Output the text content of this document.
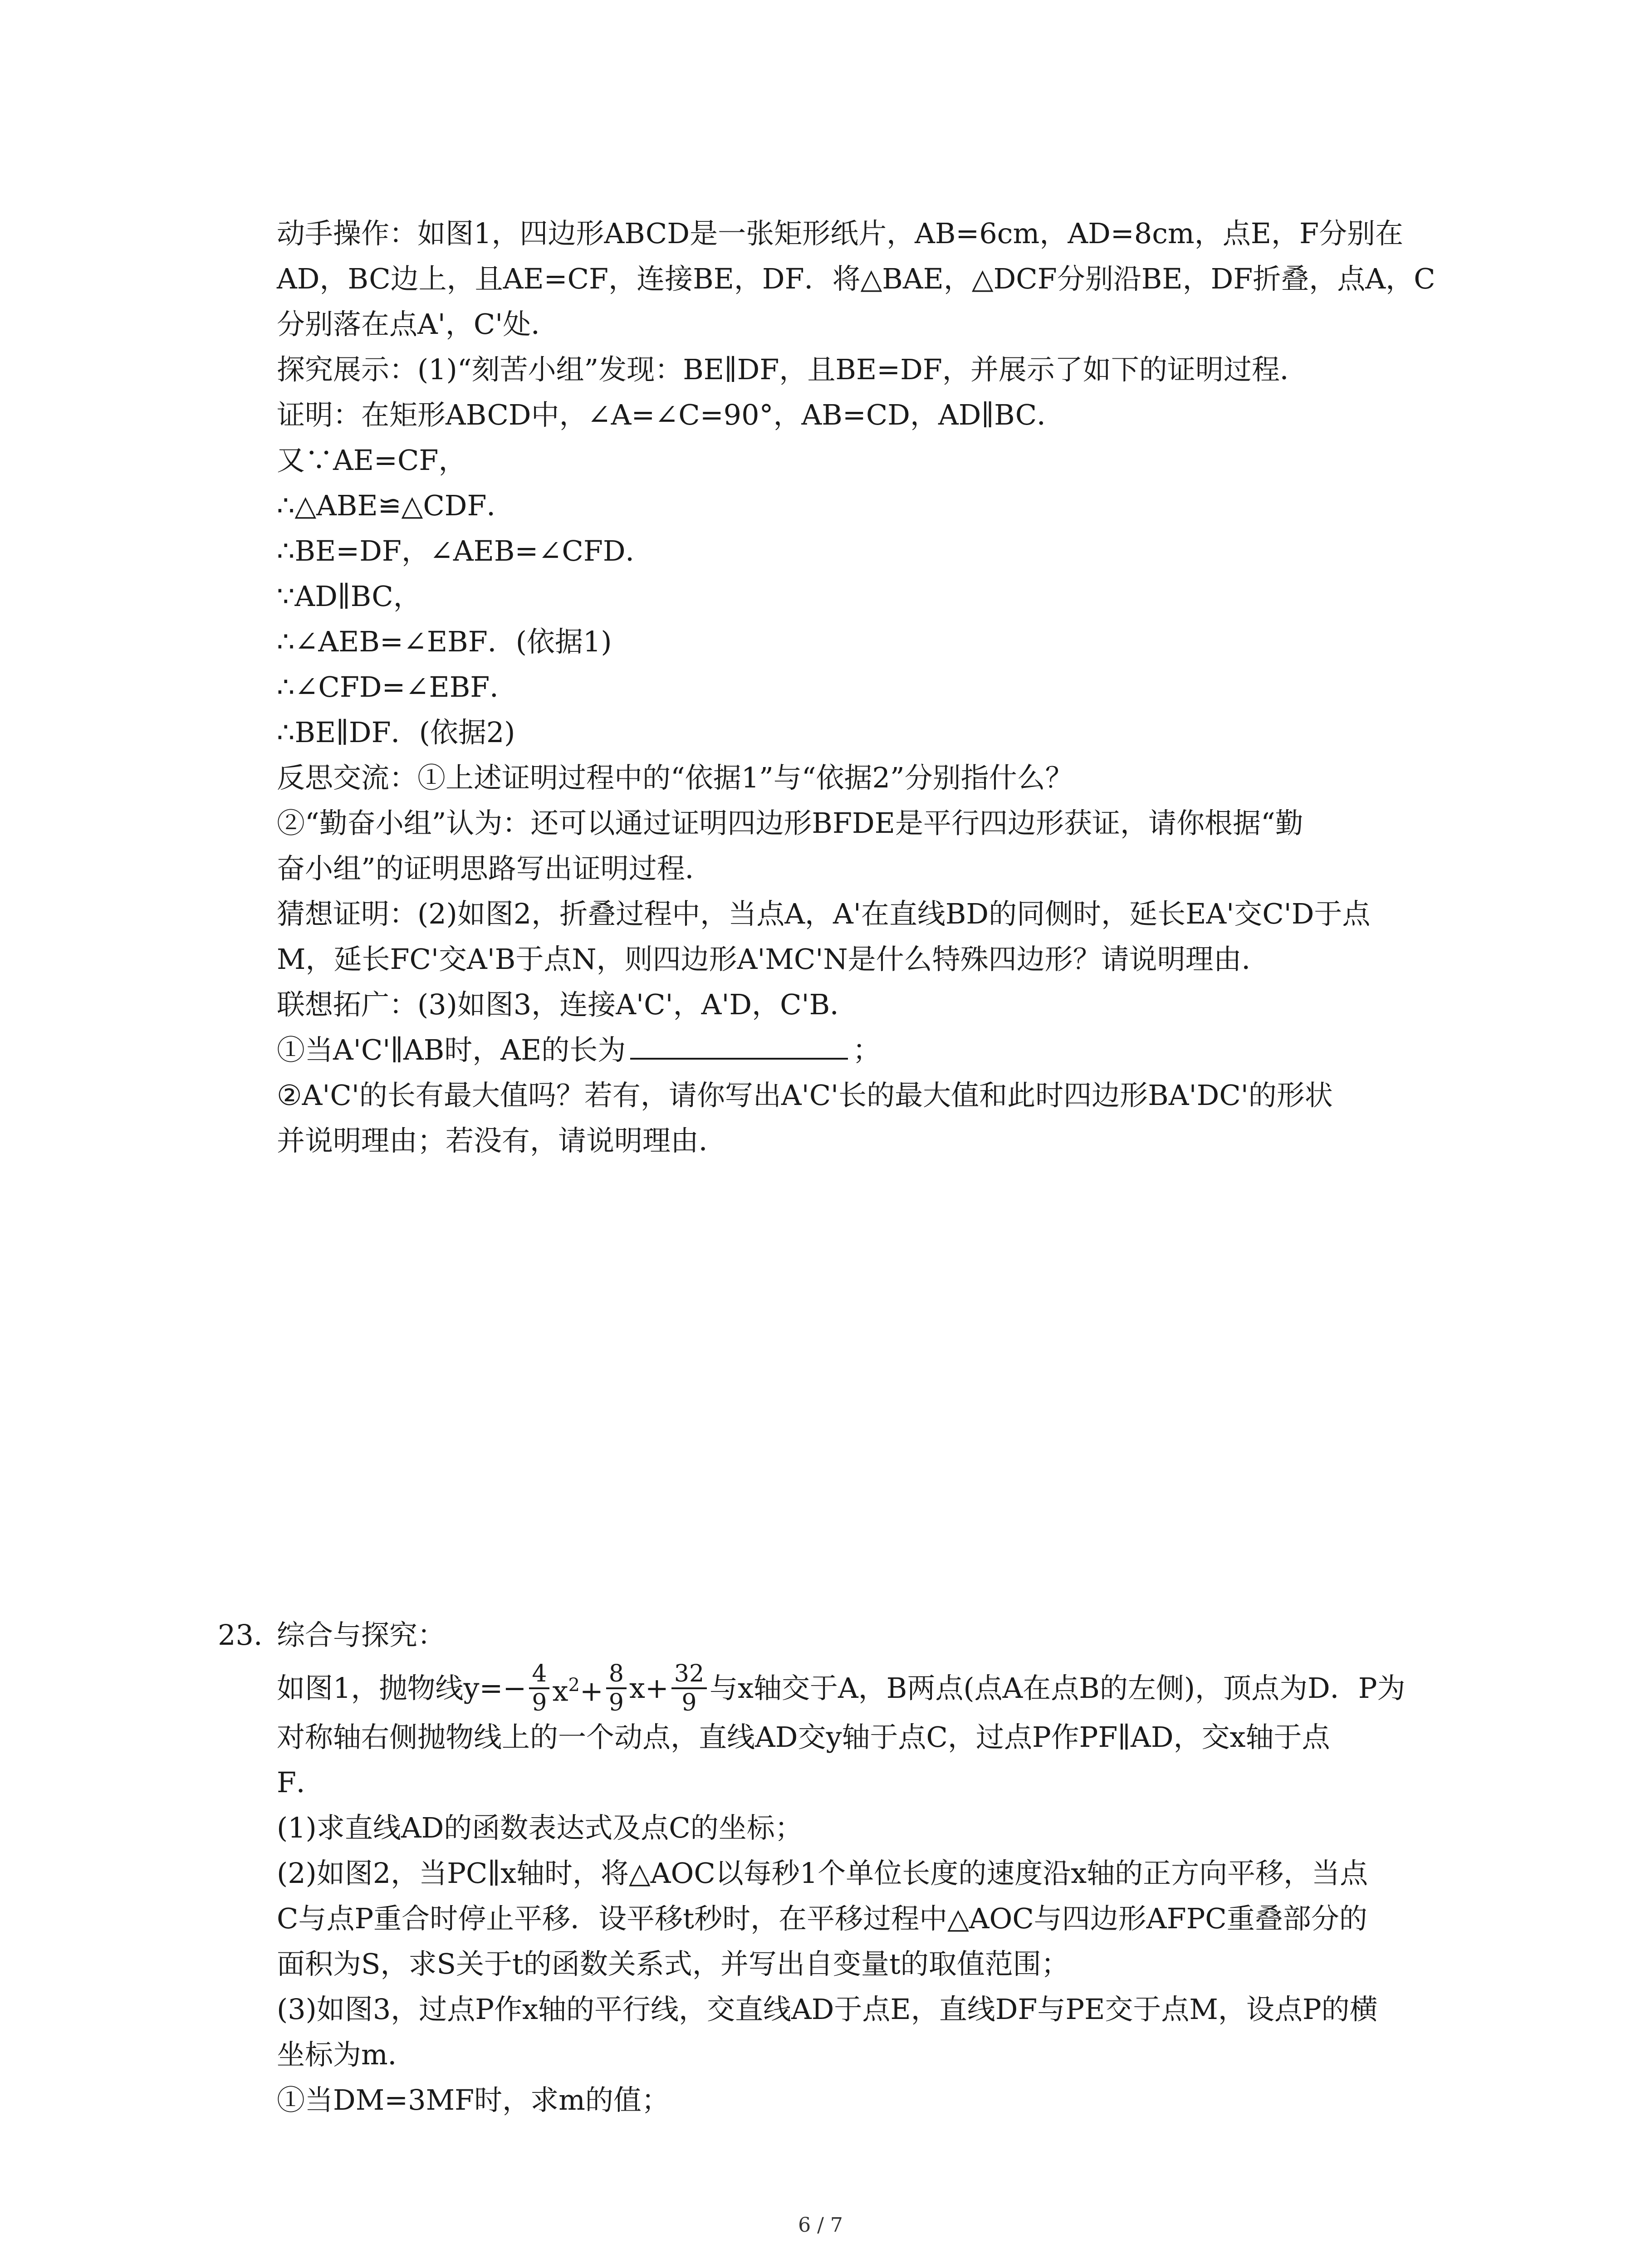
动手操作：如图1，四边形ABCD是一张矩形纸片，AB=6cm，AD=8cm，点E，F分别在
AD，BC边上，且AE=CF，连接BE，DF．将△BAE，△DCF分别沿BE，DF折叠，点A，C
分别落在点A'，C'处．
探究展示：(1)“刻苦小组”发现：BE∥DF，且BE=DF，并展示了如下的证明过程．
证明：在矩形ABCD中，∠A=∠C=90°，AB=CD，AD∥BC．
又∵AE=CF，
∴△ABE≌△CDF．
∴BE=DF，∠AEB=∠CFD．
∵AD∥BC，
∴∠AEB=∠EBF．(依据1)
∴∠CFD=∠EBF．
∴BE∥DF．(依据2)
反思交流：①上述证明过程中的“依据1”与“依据2”分别指什么？
②“勤奋小组”认为：还可以通过证明四边形BFDE是平行四边形获证，请你根据“勤
奋小组”的证明思路写出证明过程．
猜想证明：(2)如图2，折叠过程中，当点A，A'在直线BD的同侧时，延长EA'交C'D于点
M，延长FC'交A'B于点N，则四边形A'MC'N是什么特殊四边形？请说明理由．
联想拓广：(3)如图3，连接A'C'，A'D，C'B．
①当A'C'∥AB时，AE的长为	；
②A'C'的长有最大值吗？若有，请你写出A'C'长的最大值和此时四边形BA'DC'的形状
并说明理由；若没有，请说明理由．
23. 综合与探究：
如图1，抛物线$y=- \frac{4}{9} x^2+ \frac{8}{9} x+ \frac{32}{9}$ 与x轴交于A，B两点(点A在点B的左侧)，顶点为D．P为
对称轴右侧抛物线上的一个动点，直线AD交y轴于点C，过点P作PF∥AD，交x轴于点
F．
(1)求直线AD的函数表达式及点C的坐标；
(2)如图2，当PC∥x轴时，将△AOC以每秒1个单位长度的速度沿x轴的正方向平移，当点
C与点P重合时停止平移．设平移t秒时，在平移过程中△AOC与四边形AFPC重叠部分的
面积为S，求S关于t的函数关系式，并写出自变量t的取值范围；
(3)如图3，过点P作x轴的平行线，交直线AD于点E，直线DF与PE交于点M，设点P的横
坐标为m．
①当DM=3MF时，求m的值；
6 / 7
